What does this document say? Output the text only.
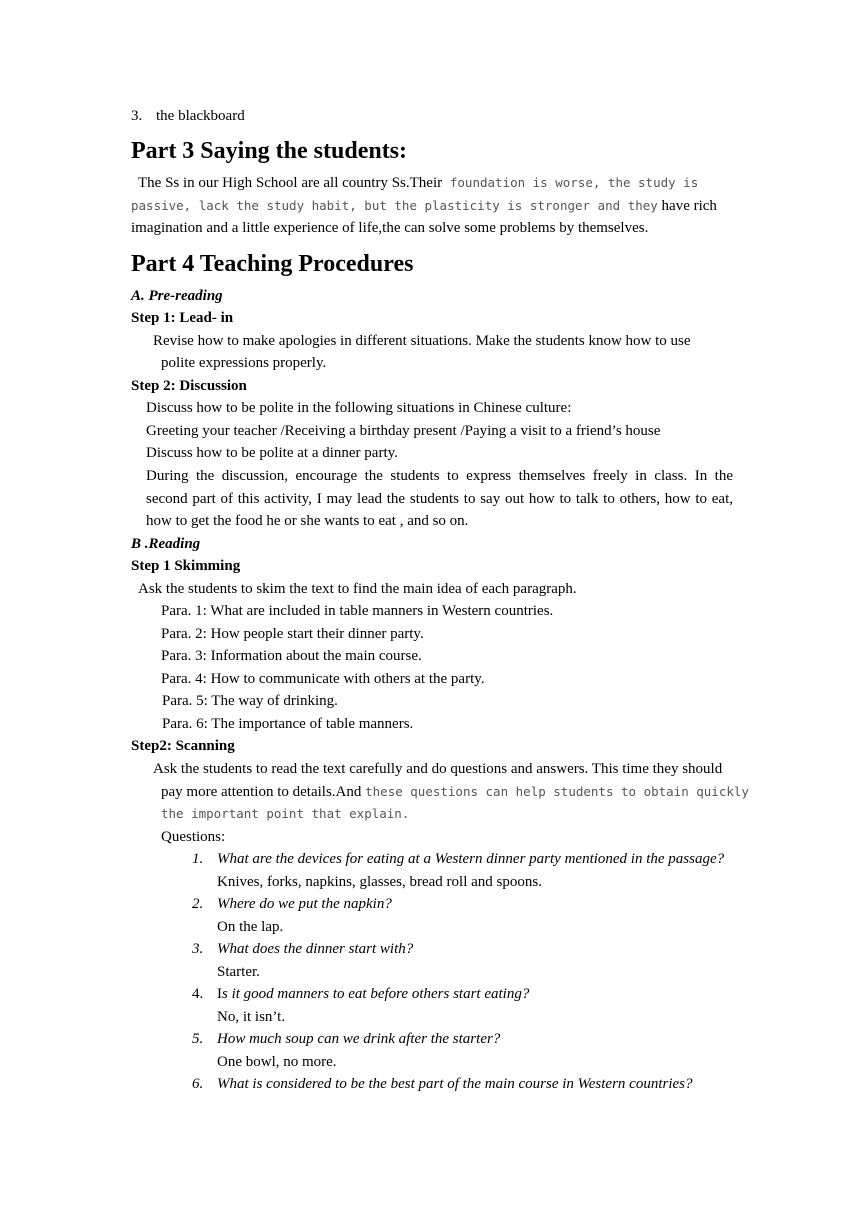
3. the blackboard
Part 3 Saying the students:
The Ss in our High School are all country Ss.Their foundation is worse, the study is
passive, lack the study habit, but the plasticity is stronger and they have rich
imagination and a little experience of life,the can solve some problems by themselves.
Part 4 Teaching Procedures
A. Pre-reading
Step 1: Lead- in
Revise how to make apologies in different situations. Make the students know how to use
polite expressions properly.
Step 2: Discussion
Discuss how to be polite in the following situations in Chinese culture:
Greeting your teacher /Receiving a birthday present /Paying a visit to a friend’s house
Discuss how to be polite at a dinner party.
During the discussion, encourage the students to express themselves freely in class. In the
second part of this activity, I may lead the students to say out how to talk to others, how to eat,
how to get the food he or she wants to eat , and so on.
B .Reading
Step 1 Skimming
Ask the students to skim the text to find the main idea of each paragraph.
Para. 1: What are included in table manners in Western countries.
Para. 2: How people start their dinner party.
Para. 3: Information about the main course.
Para. 4: How to communicate with others at the party.
Para. 5: The way of drinking.
Para. 6: The importance of table manners.
Step2: Scanning
Ask the students to read the text carefully and do questions and answers. This time they should
pay more attention to details.And these questions can help students to obtain quickly
the important point that explain.
Questions:
1. What are the devices for eating at a Western dinner party mentioned in the passage?
Knives, forks, napkins, glasses, bread roll and spoons.
2. Where do we put the napkin?
On the lap.
3. What does the dinner start with?
Starter.
4. Is it good manners to eat before others start eating?
No, it isn’t.
5. How much soup can we drink after the starter?
One bowl, no more.
6. What is considered to be the best part of the main course in Western countries?
